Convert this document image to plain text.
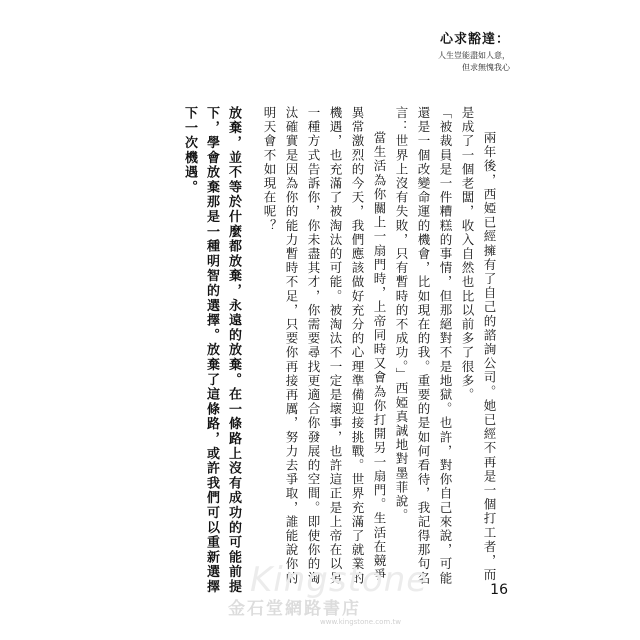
心求豁達：
人生豈能盡如人意，
但求無愧我心

兩年後，西婭已經擁有了自己的諮詢公司。她已經不再是一個打工者，而是成了一個老闆，收入自然也比以前多了很多。

「被裁員是一件糟糕的事情，但那絕對不是地獄。也許，對你自己來說，可能還是一個改變命運的機會，比如現在的我。重要的是如何看待，我記得那句名言：世界上沒有失敗，只有暫時的不成功。」西婭真誠地對墨菲說。

當生活為你關上一扇門時，上帝同時又會為你打開另一扇門。生活在競爭異常激烈的今天，我們應該做好充分的心理準備迎接挑戰。世界充滿了就業的機遇，也充滿了被淘汰的可能。被淘汰不一定是壞事，也許這正是上帝在以另一種方式告訴你，你未盡其才，你需要尋找更適合你發展的空間。即使你的淘汰確實是因為你的能力暫時不足，只要你再接再厲，努力去爭取，誰能說你的明天會不如現在呢？

放棄，並不等於什麼都放棄，永遠的放棄。在一條路上沒有成功的可能前提下，學會放棄那是一種明智的選擇。放棄了這條路，或許我們可以重新選擇下一次機遇。

16
Kingstone
金石堂網路書店
www.kingstone.com.tw
